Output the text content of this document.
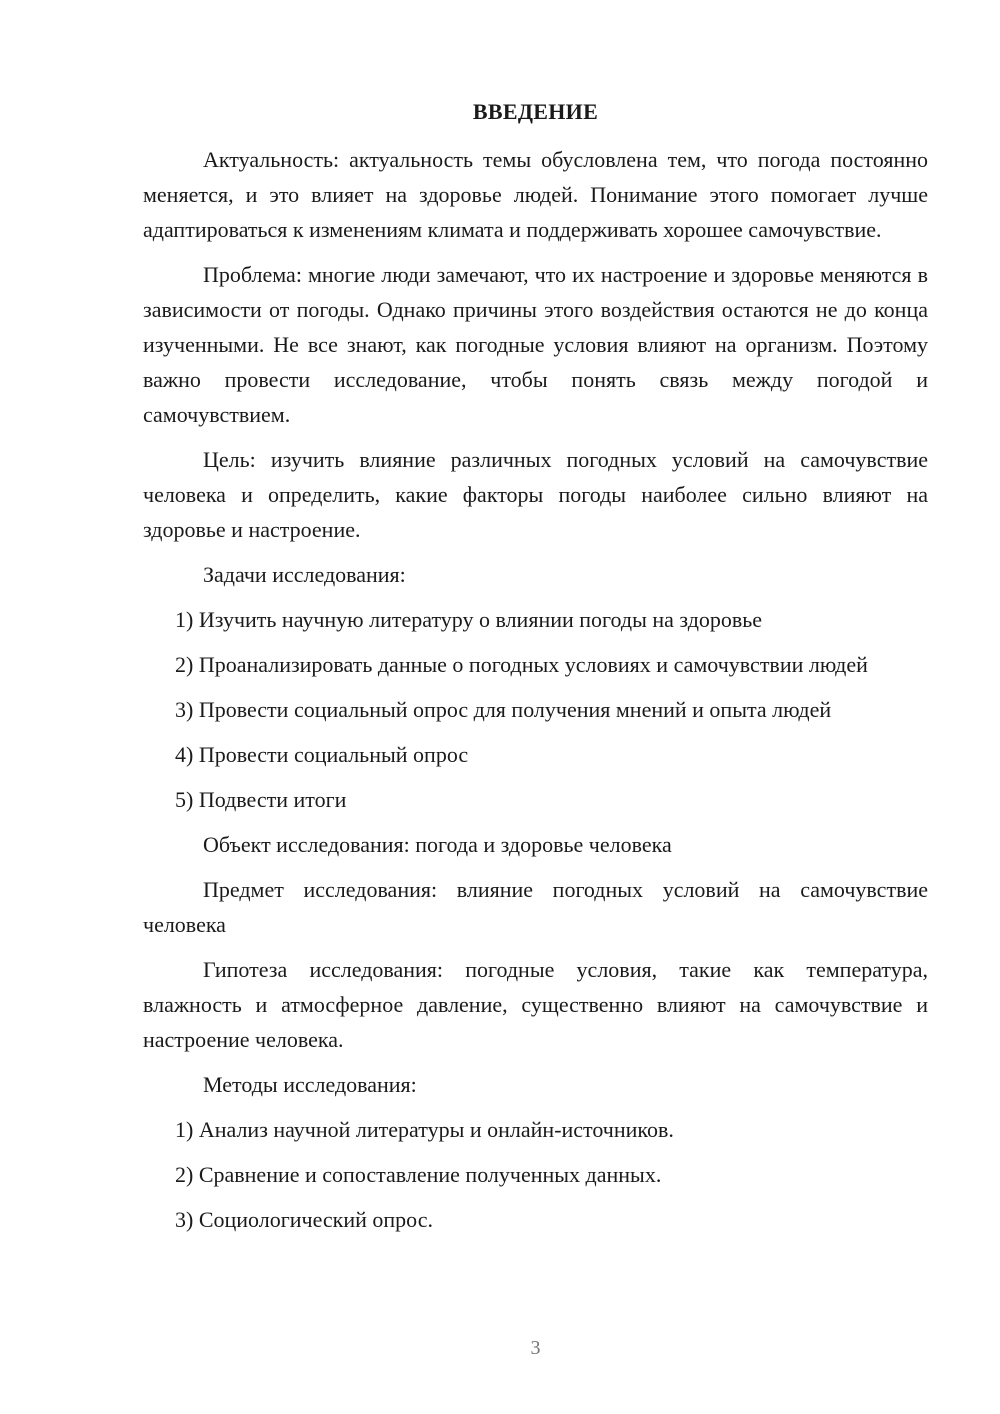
ВВЕДЕНИЕ

Актуальность: актуальность темы обусловлена тем, что погода постоянно меняется, и это влияет на здоровье людей. Понимание этого помогает лучше адаптироваться к изменениям климата и поддерживать хорошее самочувствие.

Проблема: многие люди замечают, что их настроение и здоровье меняются в зависимости от погоды. Однако причины этого воздействия остаются не до конца изученными. Не все знают, как погодные условия влияют на организм. Поэтому важно провести исследование, чтобы понять связь между погодой и самочувствием.

Цель: изучить влияние различных погодных условий на самочувствие человека и определить, какие факторы погоды наиболее сильно влияют на здоровье и настроение.

Задачи исследования:

1) Изучить научную литературу о влиянии погоды на здоровье

2) Проанализировать данные о погодных условиях и самочувствии людей

3) Провести социальный опрос для получения мнений и опыта людей

4) Провести социальный опрос

5) Подвести итоги

Объект исследования: погода и здоровье человека

Предмет исследования: влияние погодных условий на самочувствие человека

Гипотеза исследования: погодные условия, такие как температура, влажность и атмосферное давление, существенно влияют на самочувствие и настроение человека.

Методы исследования:

1) Анализ научной литературы и онлайн-источников.

2) Сравнение и сопоставление полученных данных.

3) Социологический опрос.

3
